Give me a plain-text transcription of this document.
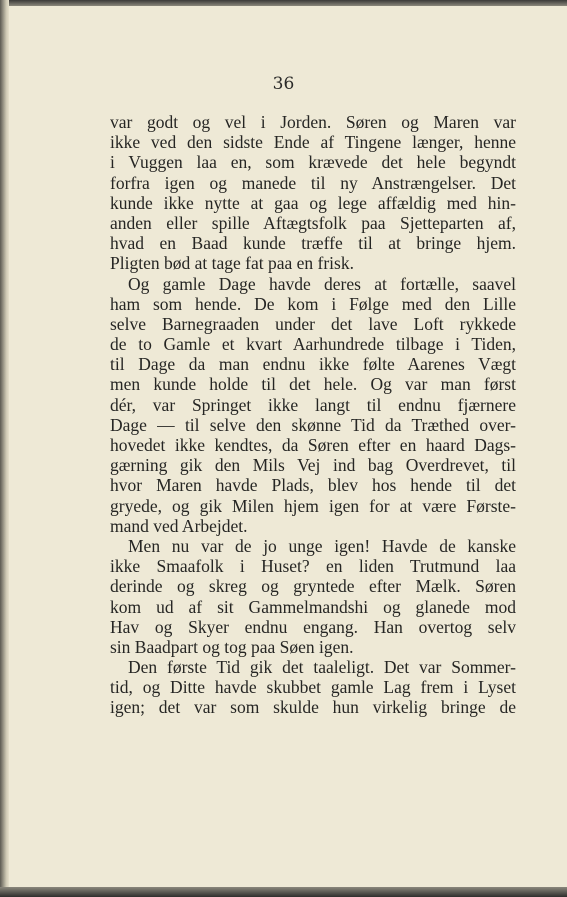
36
var godt og vel i Jorden. Søren og Maren var
ikke ved den sidste Ende af Tingene længer, henne
i Vuggen laa en, som krævede det hele begyndt
forfra igen og manede til ny Anstrængelser. Det
kunde ikke nytte at gaa og lege affældig med hin-
anden eller spille Aftægtsfolk paa Sjetteparten af,
hvad en Baad kunde træffe til at bringe hjem.
Pligten bød at tage fat paa en frisk.
Og gamle Dage havde deres at fortælle, saavel
ham som hende. De kom i Følge med den Lille
selve Barnegraaden under det lave Loft rykkede
de to Gamle et kvart Aarhundrede tilbage i Tiden,
til Dage da man endnu ikke følte Aarenes Vægt
men kunde holde til det hele. Og var man først
dér, var Springet ikke langt til endnu fjærnere
Dage — til selve den skønne Tid da Træthed over-
hovedet ikke kendtes, da Søren efter en haard Dags-
gærning gik den Mils Vej ind bag Overdrevet, til
hvor Maren havde Plads, blev hos hende til det
gryede, og gik Milen hjem igen for at være Første-
mand ved Arbejdet.
Men nu var de jo unge igen! Havde de kanske
ikke Smaafolk i Huset? en liden Trutmund laa
derinde og skreg og gryntede efter Mælk. Søren
kom ud af sit Gammelmandshi og glanede mod
Hav og Skyer endnu engang. Han overtog selv
sin Baadpart og tog paa Søen igen.
Den første Tid gik det taaleligt. Det var Sommer-
tid, og Ditte havde skubbet gamle Lag frem i Lyset
igen; det var som skulde hun virkelig bringe de
